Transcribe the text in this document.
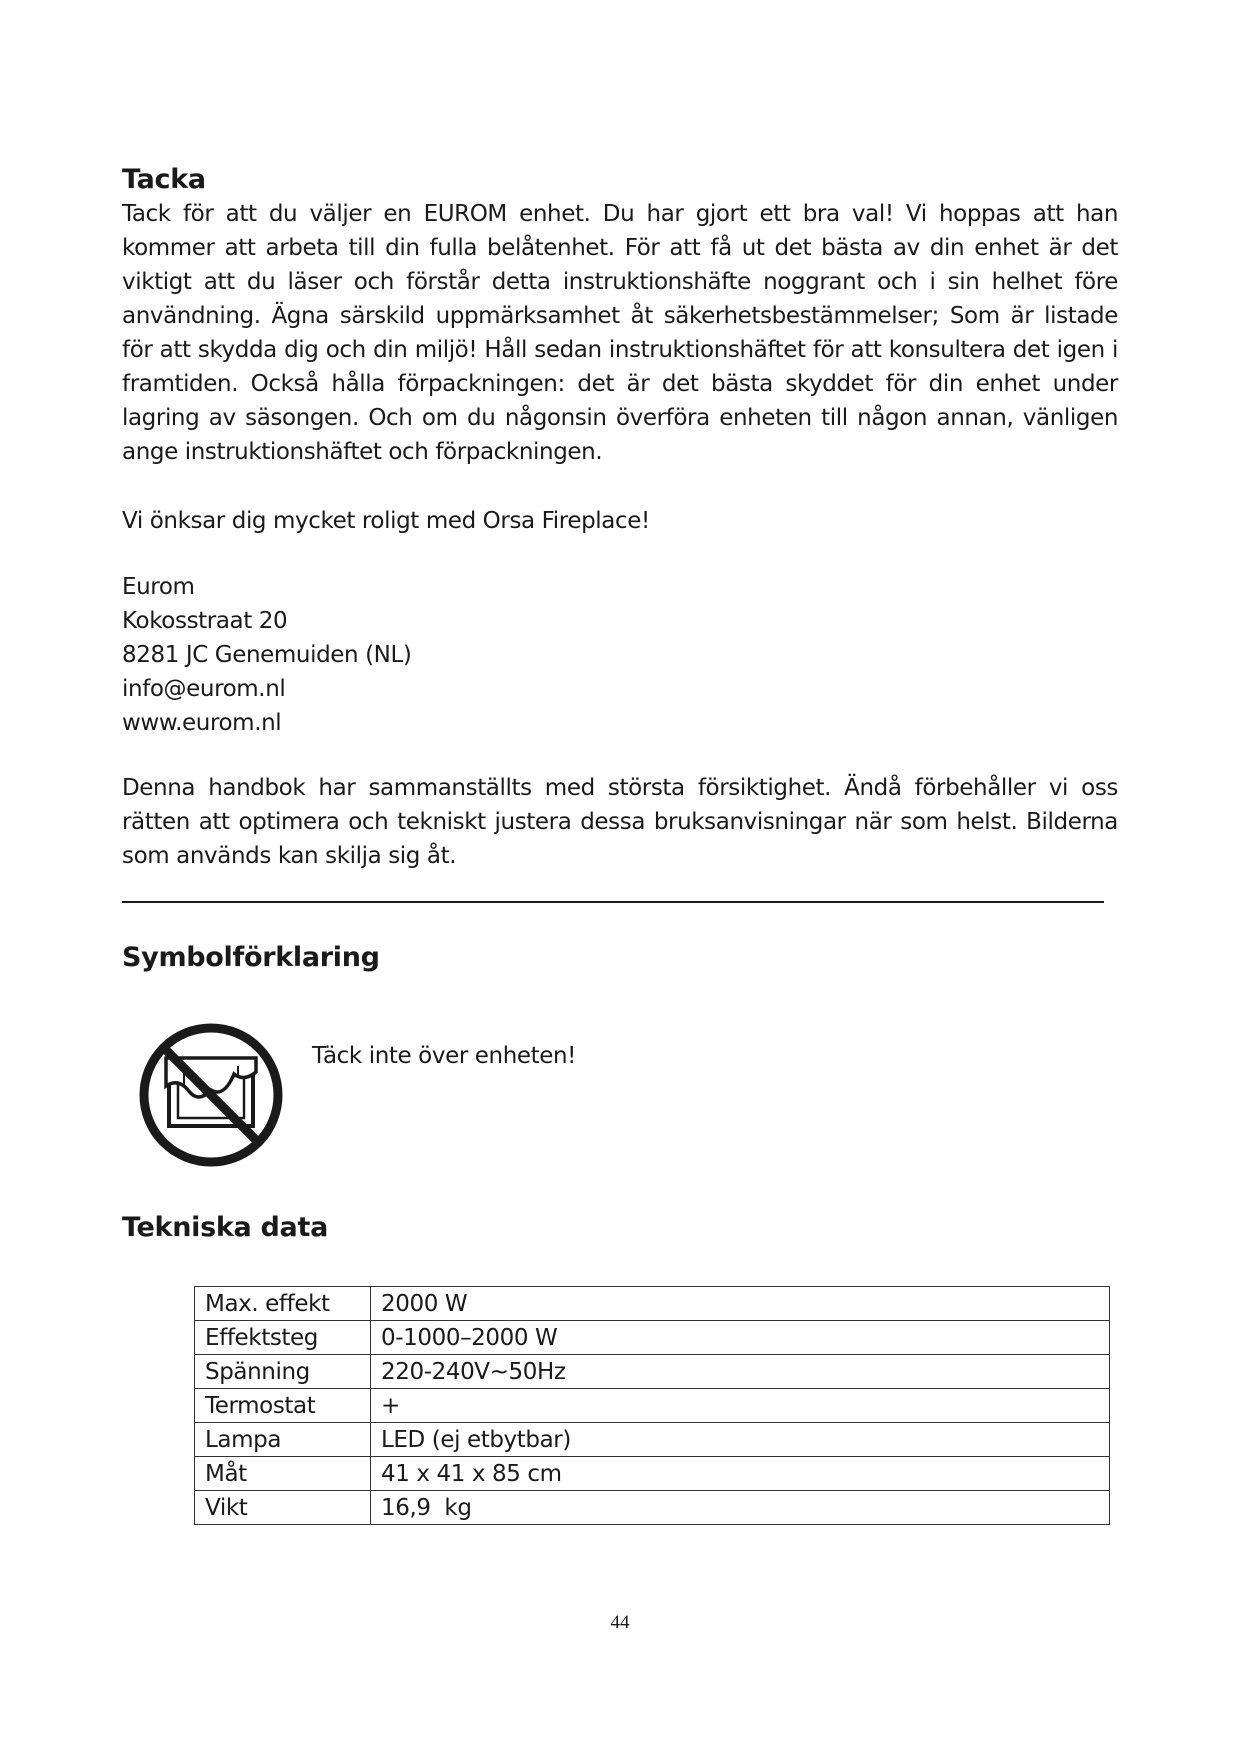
Tacka

Tack för att du väljer en EUROM enhet. Du har gjort ett bra val! Vi hoppas att han kommer att arbeta till din fulla belåtenhet. För att få ut det bästa av din enhet är det viktigt att du läser och förstår detta instruktionshäfte noggrant och i sin helhet före användning. Ägna särskild uppmärksamhet åt säkerhetsbestämmelser; Som är listade för att skydda dig och din miljö! Håll sedan instruktionshäftet för att konsultera det igen i framtiden. Också hålla förpackningen: det är det bästa skyddet för din enhet under lagring av säsongen. Och om du någonsin överföra enheten till någon annan, vänligen ange instruktionshäftet och förpackningen.

Vi önksar dig mycket roligt med Orsa Fireplace!

Eurom
Kokosstraat 20
8281 JC Genemuiden (NL)
info@eurom.nl
www.eurom.nl

Denna handbok har sammanställts med största försiktighet. Ändå förbehåller vi oss rätten att optimera och tekniskt justera dessa bruksanvisningar när som helst. Bilderna som används kan skilja sig åt.

Symbolförklaring
Täck inte över enheten!
Tekniska data
Max. effekt	2000 W
Effektsteg	0-1000–2000 W
Spänning	220-240V~50Hz
Termostat	+
Lampa	LED (ej etbytbar)
Måt	41 x 41 x 85 cm
Vikt	16,9  kg
44
